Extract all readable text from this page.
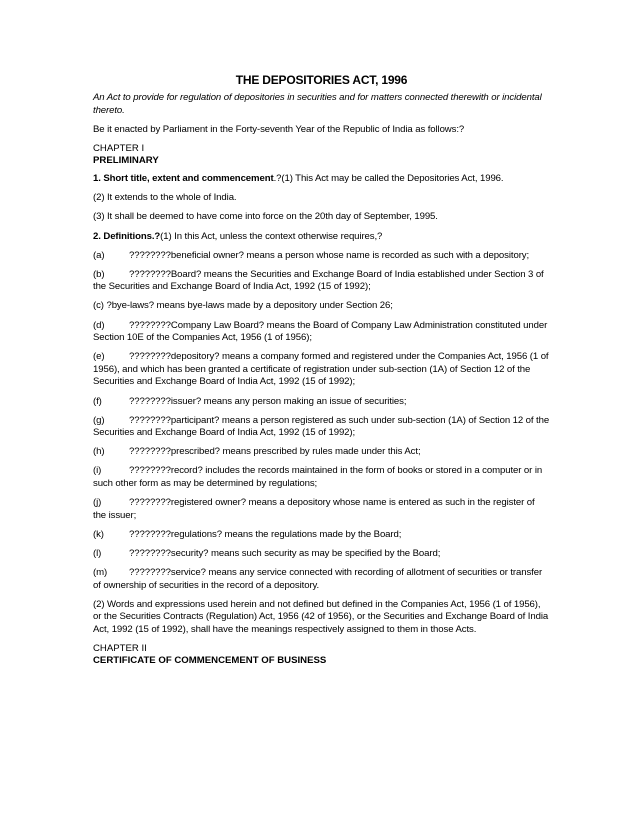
THE DEPOSITORIES ACT, 1996

An Act to provide for regulation of depositories in securities and for matters connected therewith or incidental thereto.

Be it enacted by Parliament in the Forty-seventh Year of the Republic of India as follows:?

CHAPTER I
PRELIMINARY

1. Short title, extent and commencement.?(1) This Act may be called the Depositories Act, 1996.

(2) It extends to the whole of India.

(3) It shall be deemed to have come into force on the 20th day of September, 1995.

2. Definitions.?(1) In this Act, unless the context otherwise requires,?

(a)	????????beneficial owner? means a person whose name is recorded as such with a depository;

(b)	????????Board? means the Securities and Exchange Board of India established under Section 3 of the Securities and Exchange Board of India Act, 1992 (15 of 1992);

(c) ?bye-laws? means bye-laws made by a depository under Section 26;

(d)	????????Company Law Board? means the Board of Company Law Administration constituted under Section 10E of the Companies Act, 1956 (1 of 1956);

(e)	????????depository? means a company formed and registered under the Companies Act, 1956 (1 of 1956), and which has been granted a certificate of registration under sub-section (1A) of Section 12 of the Securities and Exchange Board of India Act, 1992 (15 of 1992);

(f)	????????issuer? means any person making an issue of securities;

(g)	????????participant? means a person registered as such under sub-section (1A) of Section 12 of the Securities and Exchange Board of India Act, 1992 (15 of 1992);

(h)	????????prescribed? means prescribed by rules made under this Act;

(i)	????????record? includes the records maintained in the form of books or stored in a computer or in such other form as may be determined by regulations;

(j)	????????registered owner? means a depository whose name is entered as such in the register of the issuer;

(k)	????????regulations? means the regulations made by the Board;

(l)	????????security? means such security as may be specified by the Board;

(m) ????????service? means any service connected with recording of allotment of securities or transfer of ownership of securities in the record of a depository.

(2) Words and expressions used herein and not defined but defined in the Companies Act, 1956 (1 of 1956), or the Securities Contracts (Regulation) Act, 1956 (42 of 1956), or the Securities and Exchange Board of India Act, 1992 (15 of 1992), shall have the meanings respectively assigned to them in those Acts.

CHAPTER II
CERTIFICATE OF COMMENCEMENT OF BUSINESS
